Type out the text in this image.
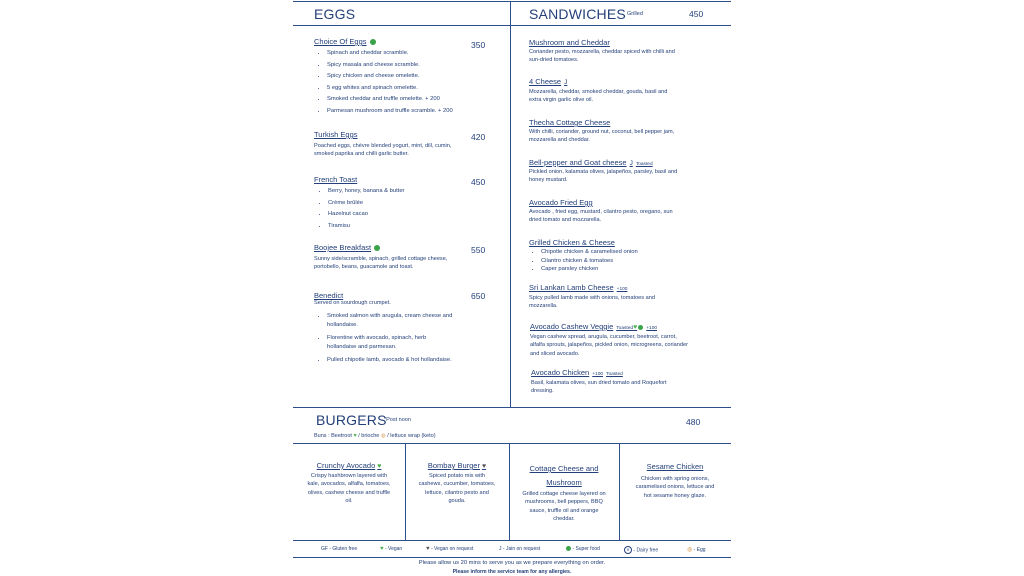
EGGS
Choice Of Eggs	350
• Spinach and cheddar scramble.
• Spicy masala and cheese scramble.
• Spicy chicken and cheese omelette.
• 5 egg whites and spinach omelette.
• Smoked cheddar and truffle omelette. + 200
• Parmesan mushroom and truffle scramble. + 200
Turkish Eggs	420
Poached eggs, chèvre blended yogurt, mint, dill, cumin, smoked paprika and chilli garlic butter.
French Toast	450
• Berry, honey, banana & butter
• Crème brûlée
• Hazelnut cacao
• Tiramisu
Boojee Breakfast	550
Sunny side/scramble, spinach, grilled cottage cheese, portobello, beans, guacamole and toast.
Benedict	650
Served on sourdough crumpet.
• Smoked salmon with arugula, cream cheese and hollandaise.
• Florentine with avocado, spinach, herb hollandaise and parmesan.
• Pulled chipotle lamb, avocado & hot hollandaise.
SANDWICHES Grilled	450
Mushroom and Cheddar
Coriander pesto, mozzarella, cheddar spiced with chilli and sun-dried tomatoes.
4 Cheese J
Mozzarella, cheddar, smoked cheddar, gouda, basil and extra virgin garlic olive oil.
Thecha Cottage Cheese
With chilli, coriander, ground nut, coconut, bell pepper jam, mozzarella and cheddar.
Bell-pepper and Goat cheese J Toasted
Pickled onion, kalamata olives, jalapeños, parsley, basil and honey mustard.
Avocado Fried Egg
Avocado , fried egg, mustard, cilantro pesto, oregano, sun dried tomato and mozzarella.
Grilled Chicken & Cheese
• Chipotle chicken & caramelised onion
• Cilantro chicken & tomatoes
• Caper parsley chicken
Sri Lankan Lamb Cheese +100
Spicy pulled lamb made with onions, tomatoes and mozzarella.
Avocado Cashew Veggie Toasted♥ +100
Vegan cashew spread, arugula, cucumber, beetroot, carrot, alfalfa sprouts, jalapeños, pickled onion, microgreens, coriander and sliced avocado.
Avocado Chicken +100 Toasted
Basil, kalamata olives, sun dried tomato and Roquefort dressing.
BURGERS
*Post noon	480
Buns : Beetroot ♥ / brioche ◍ / lettuce wrap (keto)
Crunchy Avocado ♥
Crispy hashbrown layered with kale, avocados, alfalfa, tomatoes, olives, cashew cheese and truffle oil.
Bombay Burger ♥
Spiced potato mix with cashews, cucumber, tomatoes, lettuce, cilantro pesto and gouda.
Cottage Cheese and Mushroom
Grilled cottage cheese layered on mushrooms, bell peppers, BBQ sauce, truffle oil and orange cheddar.
Sesame Chicken
Chicken with spring onions, caramelised onions, lettuce and hot sesame honey glaze.
GF - Gluten free	♥ - Vegan	♥ - Vegan on request	J - Jain on request	- Super food	✕ - Dairy free	◍ - Egg
Please allow us 20 mins to serve you as we prepare everything on order.
Please inform the service team for any allergies.
